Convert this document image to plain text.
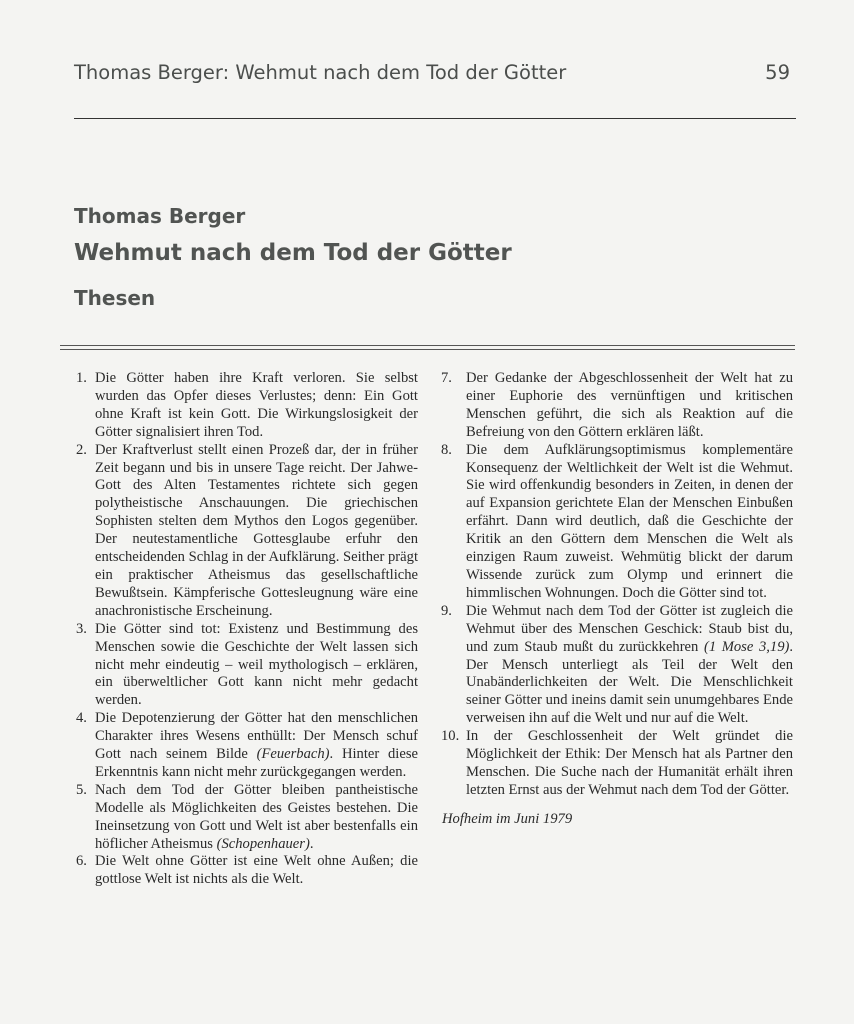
Thomas Berger: Wehmut nach dem Tod der Götter	59
Thomas Berger
Wehmut nach dem Tod der Götter
Thesen
1. Die Götter haben ihre Kraft verloren. Sie selbst wurden das Opfer dieses Verlustes; denn: Ein Gott ohne Kraft ist kein Gott. Die Wirkungslosigkeit der Götter signalisiert ihren Tod.
2. Der Kraftverlust stellt einen Prozeß dar, der in früher Zeit begann und bis in unsere Tage reicht. Der Jahwe-Gott des Alten Testamentes richtete sich gegen polytheistische Anschauungen. Die griechischen Sophisten stelten dem Mythos den Logos gegenüber. Der neutestamentliche Gottesglaube erfuhr den entscheidenden Schlag in der Aufklärung. Seither prägt ein praktischer Atheismus das gesellschaftliche Bewußtsein. Kämpferische Gottesleugnung wäre eine anachronistische Erscheinung.
3. Die Götter sind tot: Existenz und Bestimmung des Menschen sowie die Geschichte der Welt lassen sich nicht mehr eindeutig – weil mythologisch – erklären, ein überweltlicher Gott kann nicht mehr gedacht werden.
4. Die Depotenzierung der Götter hat den menschlichen Charakter ihres Wesens enthüllt: Der Mensch schuf Gott nach seinem Bilde (Feuerbach). Hinter diese Erkenntnis kann nicht mehr zurückgegangen werden.
5. Nach dem Tod der Götter bleiben pantheistische Modelle als Möglichkeiten des Geistes bestehen. Die Ineinsetzung von Gott und Welt ist aber bestenfalls ein höflicher Atheismus (Schopenhauer).
6. Die Welt ohne Götter ist eine Welt ohne Außen; die gottlose Welt ist nichts als die Welt.
7. Der Gedanke der Abgeschlossenheit der Welt hat zu einer Euphorie des vernünftigen und kritischen Menschen geführt, die sich als Reaktion auf die Befreiung von den Göttern erklären läßt.
8. Die dem Aufklärungsoptimismus komplementäre Konsequenz der Weltlichkeit der Welt ist die Wehmut. Sie wird offenkundig besonders in Zeiten, in denen der auf Expansion gerichtete Elan der Menschen Einbußen erfährt. Dann wird deutlich, daß die Geschichte der Kritik an den Göttern dem Menschen die Welt als einzigen Raum zuweist. Wehmütig blickt der darum Wissende zurück zum Olymp und erinnert die himmlischen Wohnungen. Doch die Götter sind tot.
9. Die Wehmut nach dem Tod der Götter ist zugleich die Wehmut über des Menschen Geschick: Staub bist du, und zum Staub mußt du zurückkehren (1 Mose 3,19). Der Mensch unterliegt als Teil der Welt den Unabänderlichkeiten der Welt. Die Menschlichkeit seiner Götter und ineins damit sein unumgehbares Ende verweisen ihn auf die Welt und nur auf die Welt.
10. In der Geschlossenheit der Welt gründet die Möglichkeit der Ethik: Der Mensch hat als Partner den Menschen. Die Suche nach der Humanität erhält ihren letzten Ernst aus der Wehmut nach dem Tod der Götter.
Hofheim im Juni 1979
